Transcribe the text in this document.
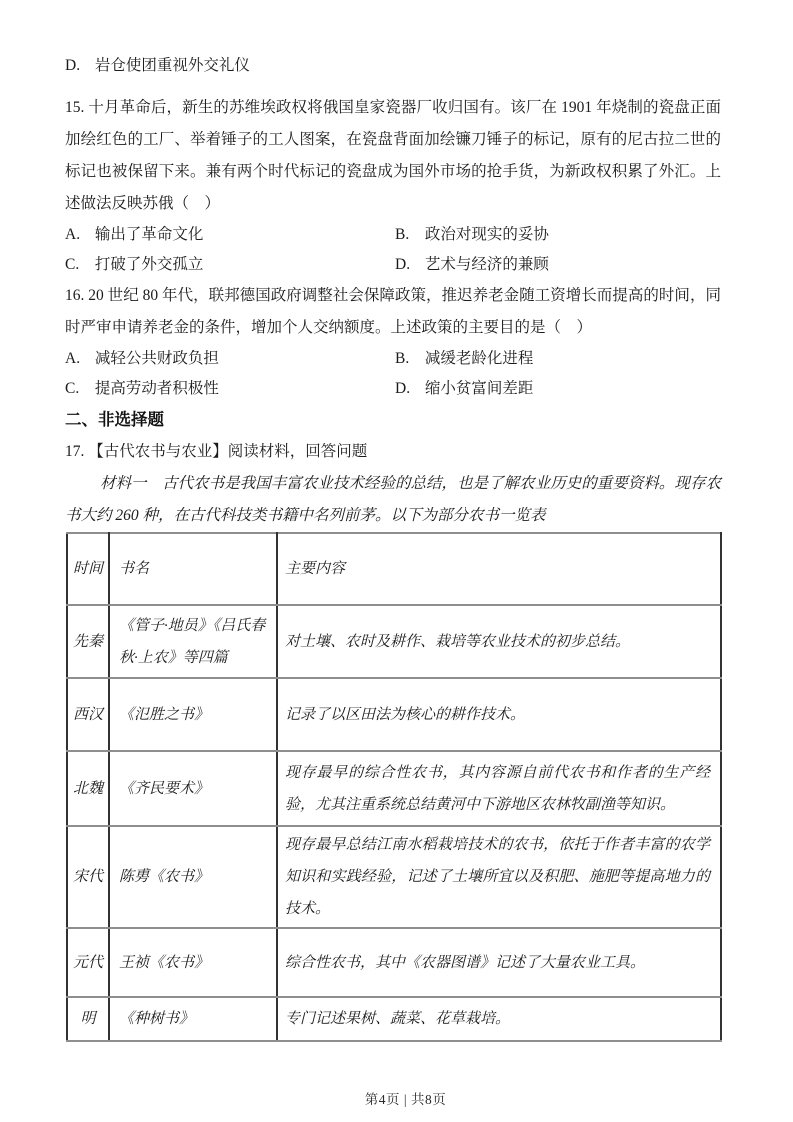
D. 岩仓使团重视外交礼仪

15. 十月革命后，新生的苏维埃政权将俄国皇家瓷器厂收归国有。该厂在 1901 年烧制的瓷盘正面加绘红色的工厂、举着锤子的工人图案，在瓷盘背面加绘镰刀锤子的标记，原有的尼古拉二世的标记也被保留下来。兼有两个时代标记的瓷盘成为国外市场的抢手货，为新政权积累了外汇。上述做法反映苏俄（　）

A. 输出了革命文化	B. 政治对现实的妥协
C. 打破了外交孤立	D. 艺术与经济的兼顾

16. 20 世纪 80 年代，联邦德国政府调整社会保障政策，推迟养老金随工资增长而提高的时间，同时严审申请养老金的条件，增加个人交纳额度。上述政策的主要目的是（　）

A. 减轻公共财政负担	B. 减缓老龄化进程
C. 提高劳动者积极性	D. 缩小贫富间差距
二、非选择题
17. 【古代农书与农业】阅读材料，回答问题

材料一　古代农书是我国丰富农业技术经验的总结，也是了解农业历史的重要资料。现存农书大约 260 种，在古代科技类书籍中名列前茅。以下为部分农书一览表

时间	书名	主要内容
先秦	《管子·地员》《吕氏春秋·上农》等四篇	对土壤、农时及耕作、栽培等农业技术的初步总结。
西汉	《氾胜之书》	记录了以区田法为核心的耕作技术。
北魏	《齐民要术》	现存最早的综合性农书，其内容源自前代农书和作者的生产经验，尤其注重系统总结黄河中下游地区农林牧副渔等知识。
宋代	陈旉《农书》	现存最早总结江南水稻栽培技术的农书，依托于作者丰富的农学知识和实践经验，记述了土壤所宜以及积肥、施肥等提高地力的技术。
元代	王祯《农书》	综合性农书，其中《农器图谱》记述了大量农业工具。
明	《种树书》	专门记述果树、蔬菜、花草栽培。
第4页 | 共8页
